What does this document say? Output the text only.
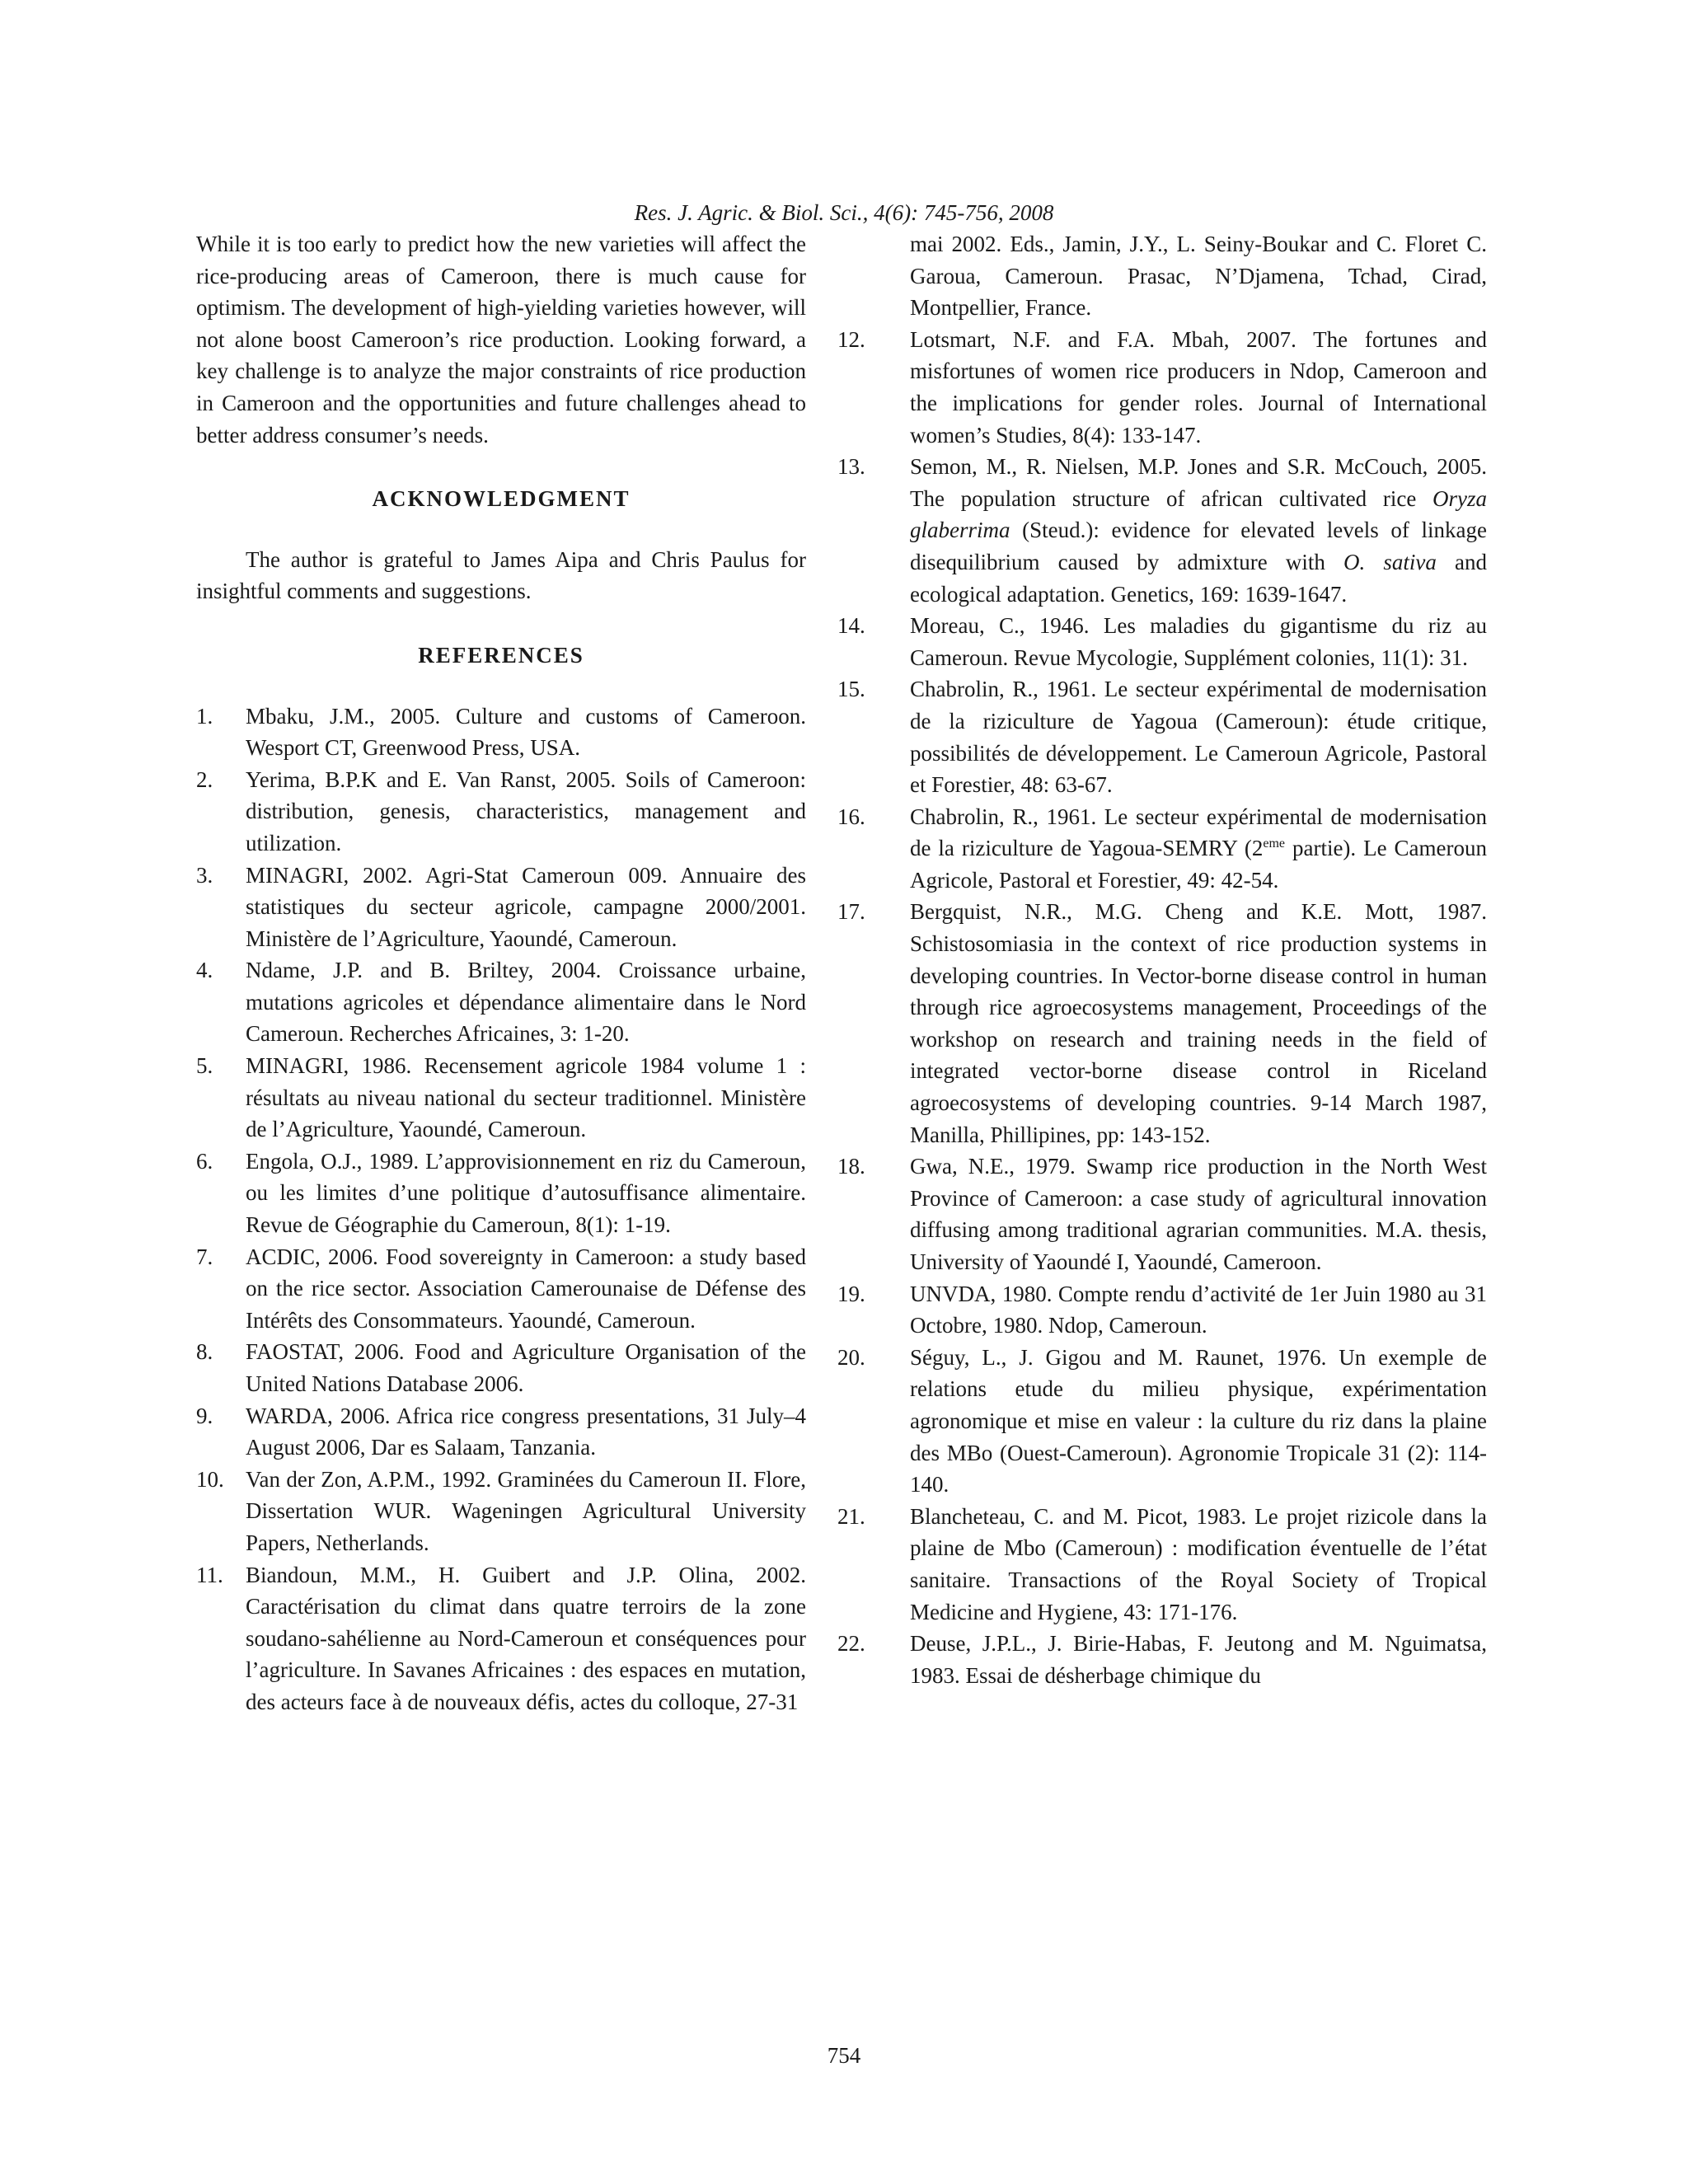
Res. J. Agric. & Biol. Sci., 4(6): 745-756, 2008

While it is too early to predict how the new varieties will affect the rice-producing areas of Cameroon, there is much cause for optimism. The development of high-yielding varieties however, will not alone boost Cameroon’s rice production. Looking forward, a key challenge is to analyze the major constraints of rice production in Cameroon and the opportunities and future challenges ahead to better address consumer’s needs.

ACKNOWLEDGMENT

The author is grateful to James Aipa and Chris Paulus for insightful comments and suggestions.

REFERENCES
1.	Mbaku, J.M., 2005. Culture and customs of Cameroon. Wesport CT, Greenwood Press, USA.
2.	Yerima, B.P.K and E. Van Ranst, 2005. Soils of Cameroon: distribution, genesis, characteristics, management and utilization.
3.	MINAGRI, 2002. Agri-Stat Cameroun 009. Annuaire des statistiques du secteur agricole, campagne 2000/2001. Ministère de l’Agriculture, Yaoundé, Cameroun.
4.	Ndame, J.P. and B. Briltey, 2004. Croissance urbaine, mutations agricoles et dépendance alimentaire dans le Nord Cameroun. Recherches Africaines, 3: 1-20.
5.	MINAGRI, 1986. Recensement agricole 1984 volume 1 : résultats au niveau national du secteur traditionnel. Ministère de l’Agriculture, Yaoundé, Cameroun.
6.	Engola, O.J., 1989. L’approvisionnement en riz du Cameroun, ou les limites d’une politique d’autosuffisance alimentaire. Revue de Géographie du Cameroun, 8(1): 1-19.
7.	ACDIC, 2006. Food sovereignty in Cameroon: a study based on the rice sector. Association Camerounaise de Défense des Intérêts des Consommateurs. Yaoundé, Cameroun.
8.	FAOSTAT, 2006. Food and Agriculture Organisation of the United Nations Database 2006.
9.	WARDA, 2006. Africa rice congress presentations, 31 July–4 August 2006, Dar es Salaam, Tanzania.
10. Van der Zon, A.P.M., 1992. Graminées du Cameroun II. Flore, Dissertation WUR. Wageningen Agricultural University Papers, Netherlands.
11. Biandoun, M.M., H. Guibert and J.P. Olina, 2002. Caractérisation du climat dans quatre terroirs de la zone soudano-sahélienne au Nord-Cameroun et conséquences pour l’agriculture. In Savanes Africaines : des espaces en mutation, des acteurs face à de nouveaux défis, actes du colloque, 27-31

mai 2002. Eds., Jamin, J.Y., L. Seiny-Boukar and C. Floret C. Garoua, Cameroun. Prasac, N’Djamena, Tchad, Cirad, Montpellier, France.

12. Lotsmart, N.F. and F.A. Mbah, 2007. The fortunes and misfortunes of women rice producers in Ndop, Cameroon and the implications for gender roles. Journal of International women’s Studies, 8(4): 133-147.
13. Semon, M., R. Nielsen, M.P. Jones and S.R. McCouch, 2005. The population structure of african cultivated rice Oryza glaberrima (Steud.): evidence for elevated levels of linkage disequilibrium caused by admixture with O. sativa and ecological adaptation. Genetics, 169: 1639-1647.
14. Moreau, C., 1946. Les maladies du gigantisme du riz au Cameroun. Revue Mycologie, Supplément colonies, 11(1): 31.
15. Chabrolin, R., 1961. Le secteur expérimental de modernisation de la riziculture de Yagoua (Cameroun): étude critique, possibilités de développement. Le Cameroun Agricole, Pastoral et Forestier, 48: 63-67.
16. Chabrolin, R., 1961. Le secteur expérimental de modernisation de la riziculture de Yagoua-SEMRY (2eme partie). Le Cameroun Agricole, Pastoral et Forestier, 49: 42-54.
17. Bergquist, N.R., M.G. Cheng and K.E. Mott, 1987. Schistosomiasia in the context of rice production systems in developing countries. In Vector-borne disease control in human through rice agroecosystems management, Proceedings of the workshop on research and training needs in the field of integrated vector-borne disease control in Riceland agroecosystems of developing countries. 9-14 March 1987, Manilla, Phillipines, pp: 143-152.
18. Gwa, N.E., 1979. Swamp rice production in the North West Province of Cameroon: a case study of agricultural innovation diffusing among traditional agrarian communities. M.A. thesis, University of Yaoundé I, Yaoundé, Cameroon.
19. UNVDA, 1980. Compte rendu d’activité de 1er Juin 1980 au 31 Octobre, 1980. Ndop, Cameroun.
20. Séguy, L., J. Gigou and M. Raunet, 1976. Un exemple de relations etude du milieu physique, expérimentation agronomique et mise en valeur : la culture du riz dans la plaine des MBo (Ouest-Cameroun). Agronomie Tropicale 31 (2): 114-140.
21. Blancheteau, C. and M. Picot, 1983. Le projet rizicole dans la plaine de Mbo (Cameroun) : modification éventuelle de l’état sanitaire. Transactions of the Royal Society of Tropical Medicine and Hygiene, 43: 171-176.
22. Deuse, J.P.L., J. Birie-Habas, F. Jeutong and M. Nguimatsa, 1983. Essai de désherbage chimique du
754
